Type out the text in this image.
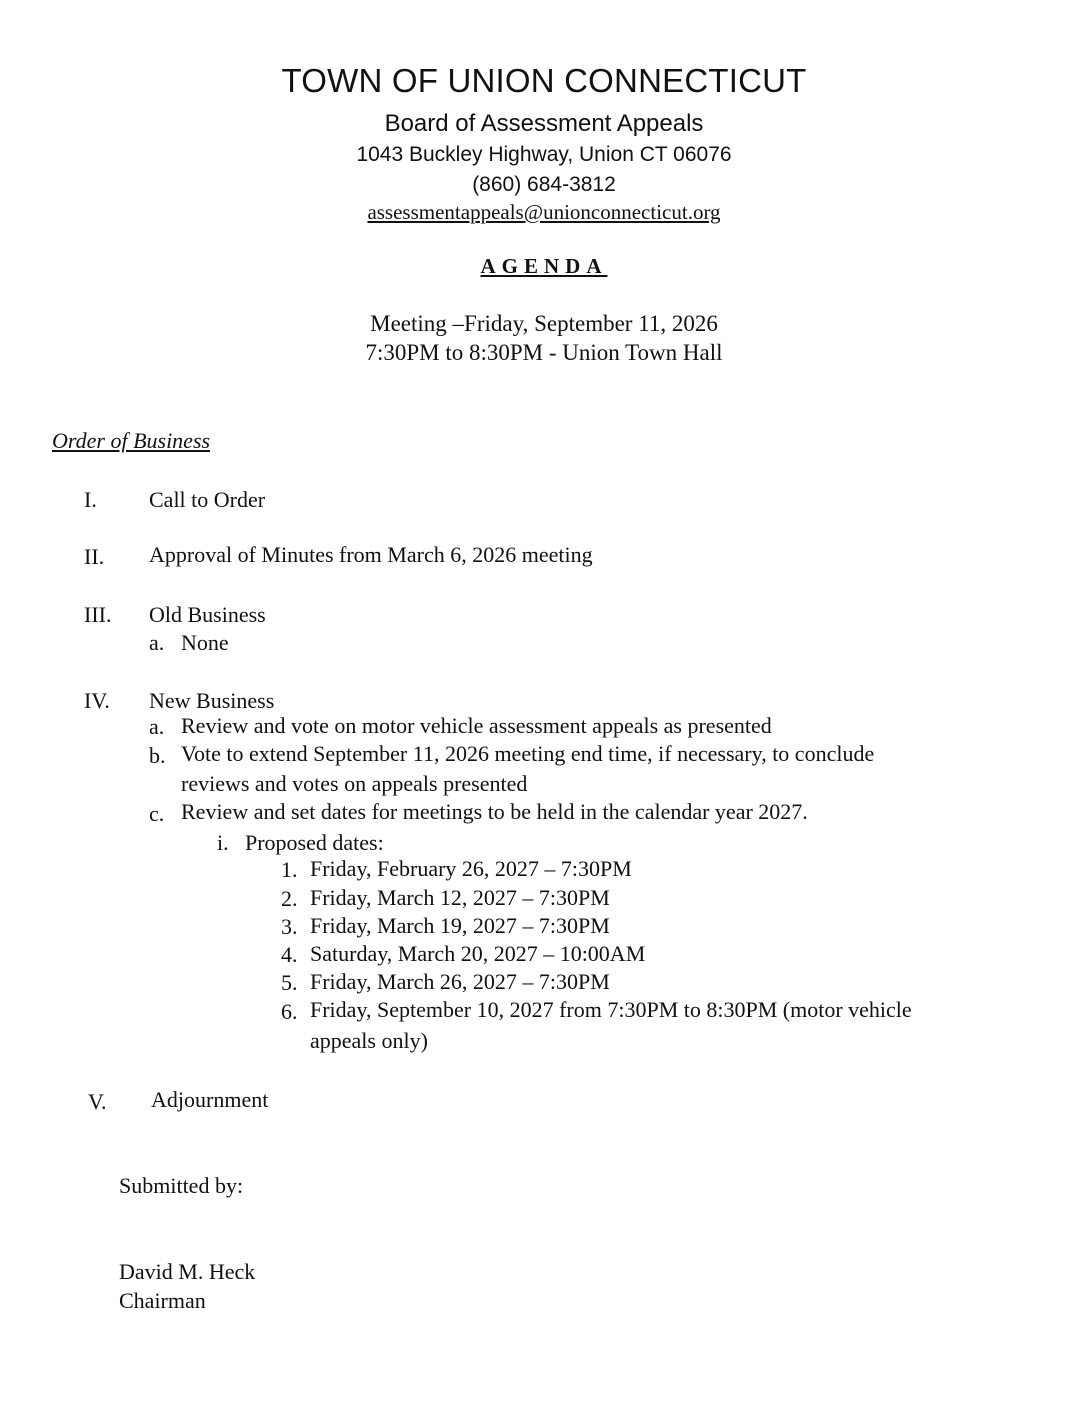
TOWN OF UNION CONNECTICUT
Board of Assessment Appeals
1043 Buckley Highway, Union CT 06076
(860) 684-3812
assessmentappeals@unionconnecticut.org
AGENDA
Meeting –Friday, September 11, 2026
7:30PM to 8:30PM - Union Town Hall
Order of Business
I. Call to Order
II. Approval of Minutes from March 6, 2026 meeting
III. Old Business
a. None
IV. New Business
a. Review and vote on motor vehicle assessment appeals as presented
b. Vote to extend September 11, 2026 meeting end time, if necessary, to conclude
reviews and votes on appeals presented
c. Review and set dates for meetings to be held in the calendar year 2027.
i. Proposed dates:
1. Friday, February 26, 2027 – 7:30PM
2. Friday, March 12, 2027 – 7:30PM
3. Friday, March 19, 2027 – 7:30PM
4. Saturday, March 20, 2027 – 10:00AM
5. Friday, March 26, 2027 – 7:30PM
6. Friday, September 10, 2027 from 7:30PM to 8:30PM (motor vehicle
appeals only)
V. Adjournment
Submitted by:
David M. Heck
Chairman
